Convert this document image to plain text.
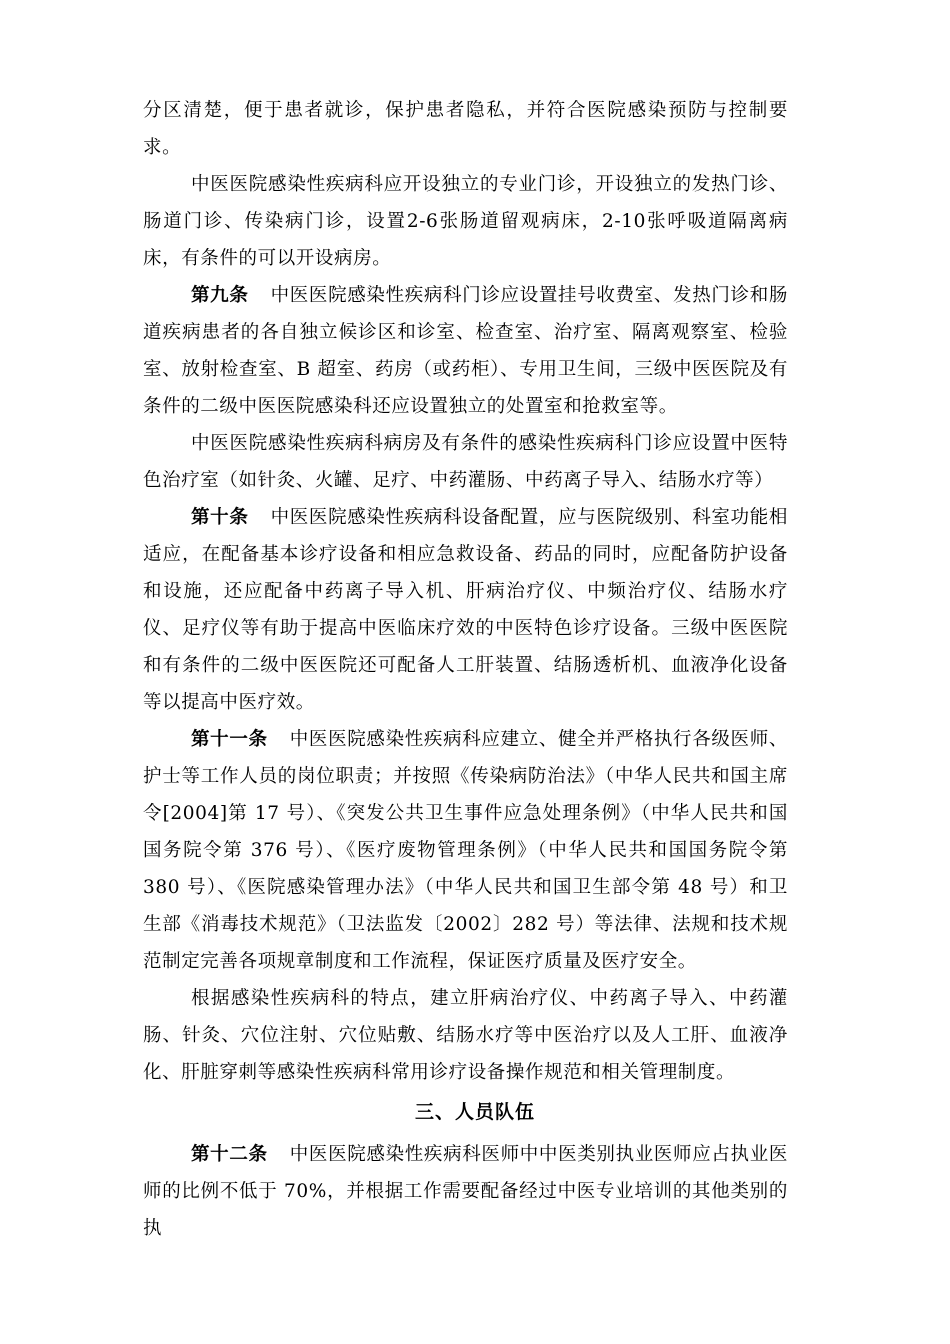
分区清楚，便于患者就诊，保护患者隐私，并符合医院感染预防与控制要求。

中医医院感染性疾病科应开设独立的专业门诊，开设独立的发热门诊、肠道门诊、传染病门诊，设置2-6张肠道留观病床，2-10张呼吸道隔离病床，有条件的可以开设病房。

第九条 中医医院感染性疾病科门诊应设置挂号收费室、发热门诊和肠道疾病患者的各自独立候诊区和诊室、检查室、治疗室、隔离观察室、检验室、放射检查室、B 超室、药房（或药柜）、专用卫生间，三级中医医院及有条件的二级中医医院感染科还应设置独立的处置室和抢救室等。

中医医院感染性疾病科病房及有条件的感染性疾病科门诊应设置中医特色治疗室（如针灸、火罐、足疗、中药灌肠、中药离子导入、结肠水疗等）

第十条 中医医院感染性疾病科设备配置，应与医院级别、科室功能相适应，在配备基本诊疗设备和相应急救设备、药品的同时，应配备防护设备和设施，还应配备中药离子导入机、肝病治疗仪、中频治疗仪、结肠水疗仪、足疗仪等有助于提高中医临床疗效的中医特色诊疗设备。三级中医医院和有条件的二级中医医院还可配备人工肝装置、结肠透析机、血液净化设备等以提高中医疗效。

第十一条 中医医院感染性疾病科应建立、健全并严格执行各级医师、护士等工作人员的岗位职责；并按照《传染病防治法》（中华人民共和国主席令[2004]第 17 号）、《突发公共卫生事件应急处理条例》（中华人民共和国国务院令第 376 号）、《医疗废物管理条例》（中华人民共和国国务院令第 380 号）、《医院感染管理办法》（中华人民共和国卫生部令第 48 号）和卫生部《消毒技术规范》（卫法监发〔2002〕282 号）等法律、法规和技术规范制定完善各项规章制度和工作流程，保证医疗质量及医疗安全。

根据感染性疾病科的特点，建立肝病治疗仪、中药离子导入、中药灌肠、针灸、穴位注射、穴位贴敷、结肠水疗等中医治疗以及人工肝、血液净化、肝脏穿刺等感染性疾病科常用诊疗设备操作规范和相关管理制度。

三、人员队伍

第十二条 中医医院感染性疾病科医师中中医类别执业医师应占执业医师的比例不低于 70%，并根据工作需要配备经过中医专业培训的其他类别的执
